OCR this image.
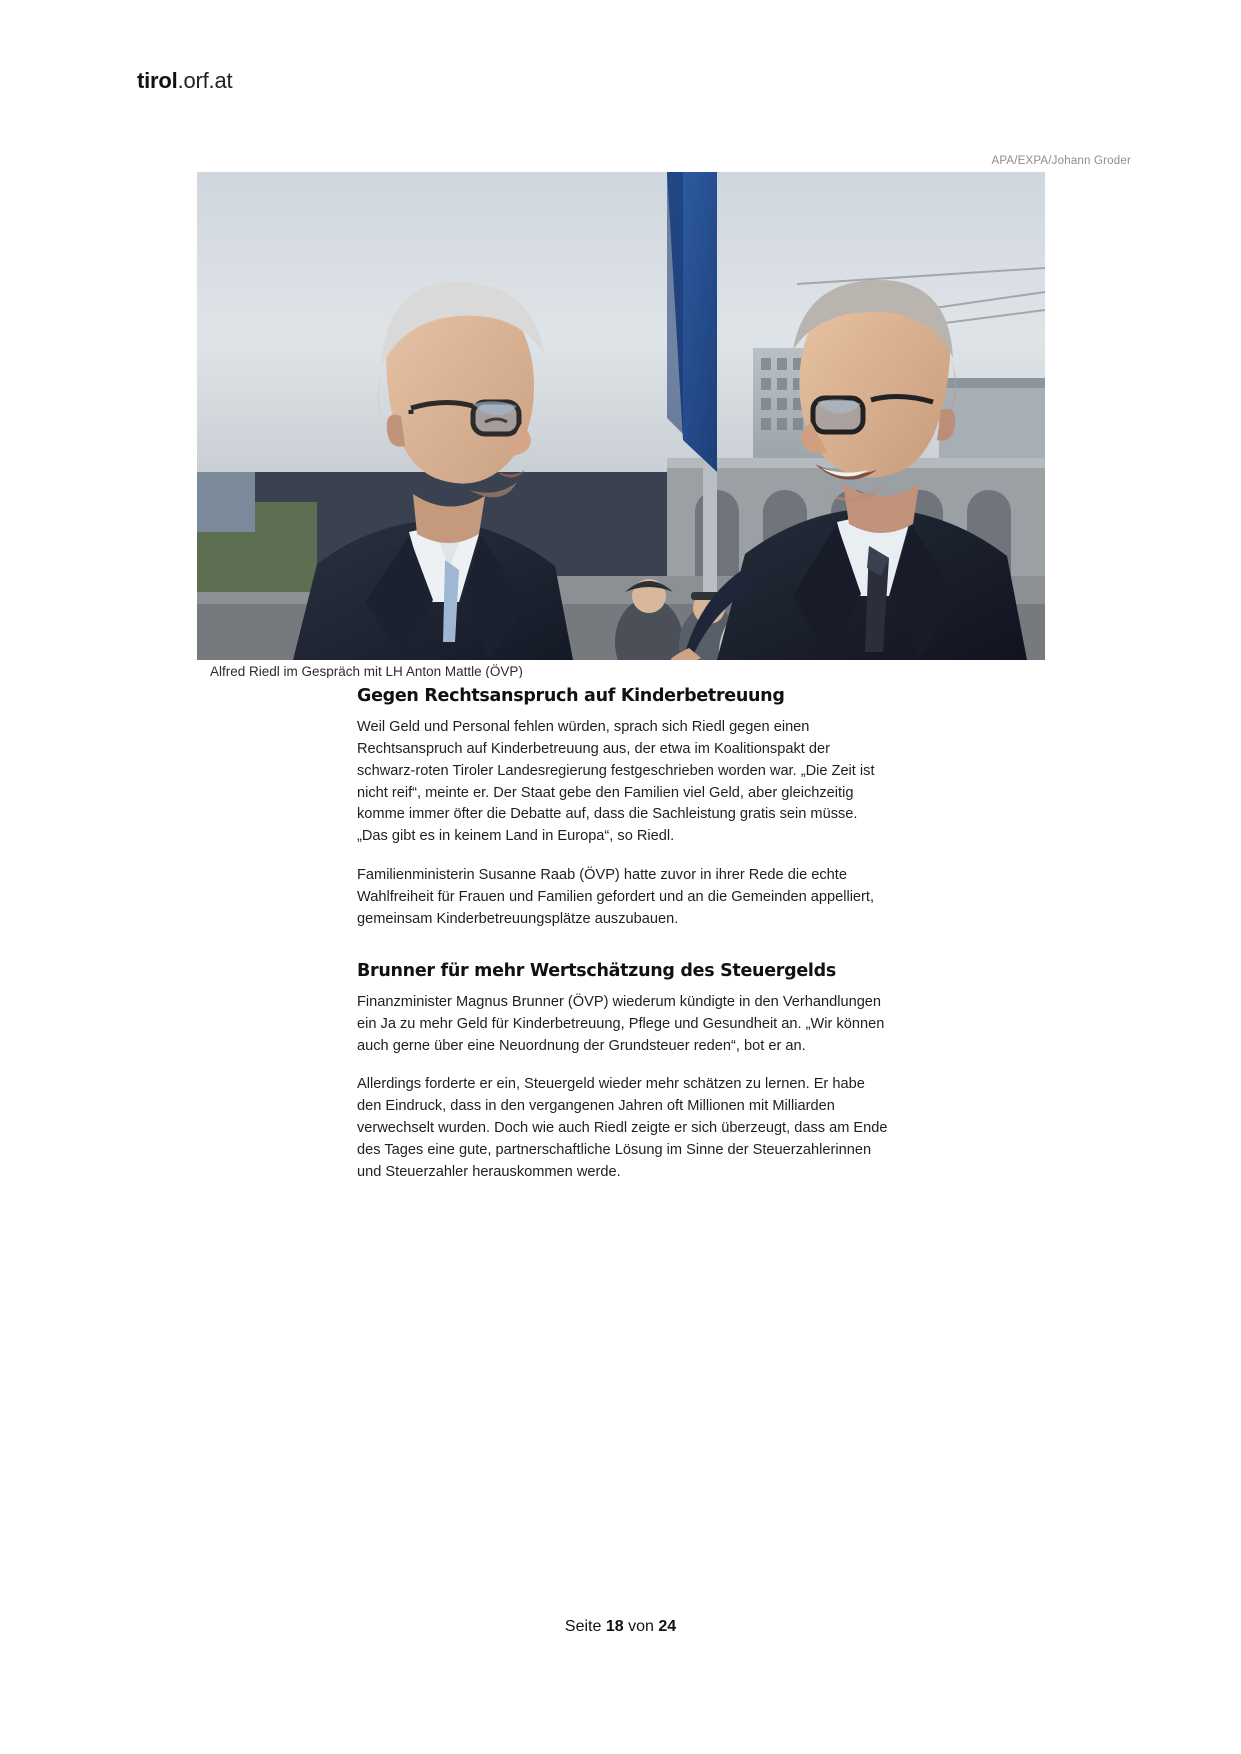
tirol.orf.at
APA/EXPA/Johann Groder
Alfred Riedl im Gespräch mit LH Anton Mattle (ÖVP)
Gegen Rechtsanspruch auf Kinderbetreuung

Weil Geld und Personal fehlen würden, sprach sich Riedl gegen einen Rechtsanspruch auf Kinderbetreuung aus, der etwa im Koalitionspakt der schwarz-roten Tiroler Landesregierung festgeschrieben worden war. „Die Zeit ist nicht reif“, meinte er. Der Staat gebe den Familien viel Geld, aber gleichzeitig komme immer öfter die Debatte auf, dass die Sachleistung gratis sein müsse. „Das gibt es in keinem Land in Europa“, so Riedl.

Familienministerin Susanne Raab (ÖVP) hatte zuvor in ihrer Rede die echte Wahlfreiheit für Frauen und Familien gefordert und an die Gemeinden appelliert, gemeinsam Kinderbetreuungsplätze auszubauen.

Brunner für mehr Wertschätzung des Steuergelds

Finanzminister Magnus Brunner (ÖVP) wiederum kündigte in den Verhandlungen ein Ja zu mehr Geld für Kinderbetreuung, Pflege und Gesundheit an. „Wir können auch gerne über eine Neuordnung der Grundsteuer reden“, bot er an.

Allerdings forderte er ein, Steuergeld wieder mehr schätzen zu lernen. Er habe den Eindruck, dass in den vergangenen Jahren oft Millionen mit Milliarden verwechselt wurden. Doch wie auch Riedl zeigte er sich überzeugt, dass am Ende des Tages eine gute, partnerschaftliche Lösung im Sinne der Steuerzahlerinnen und Steuerzahler herauskommen werde.

Seite 18 von 24
